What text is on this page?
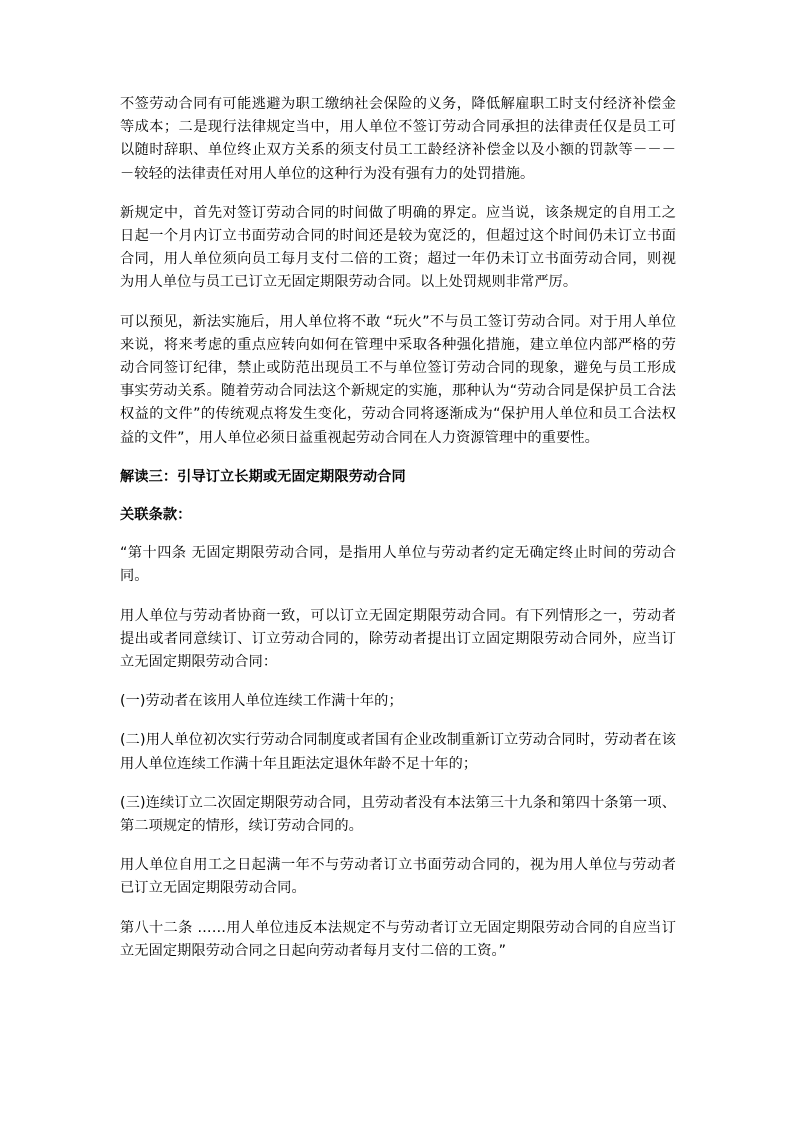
不签劳动合同有可能逃避为职工缴纳社会保险的义务，降低解雇职工时支付经济补偿金等成本；二是现行法律规定当中，用人单位不签订劳动合同承担的法律责任仅是员工可以随时辞职、单位终止双方关系的须支付员工工龄经济补偿金以及小额的罚款等－－－－较轻的法律责任对用人单位的这种行为没有强有力的处罚措施。

新规定中，首先对签订劳动合同的时间做了明确的界定。应当说，该条规定的自用工之日起一个月内订立书面劳动合同的时间还是较为宽泛的，但超过这个时间仍未订立书面合同，用人单位须向员工每月支付二倍的工资；超过一年仍未订立书面劳动合同，则视为用人单位与员工已订立无固定期限劳动合同。以上处罚规则非常严厉。

可以预见，新法实施后，用人单位将不敢 “玩火”不与员工签订劳动合同。对于用人单位来说，将来考虑的重点应转向如何在管理中采取各种强化措施，建立单位内部严格的劳动合同签订纪律，禁止或防范出现员工不与单位签订劳动合同的现象，避免与员工形成事实劳动关系。随着劳动合同法这个新规定的实施，那种认为“劳动合同是保护员工合法权益的文件”的传统观点将发生变化，劳动合同将逐渐成为“保护用人单位和员工合法权益的文件”，用人单位必须日益重视起劳动合同在人力资源管理中的重要性。

解读三：引导订立长期或无固定期限劳动合同

关联条款：

“第十四条 无固定期限劳动合同，是指用人单位与劳动者约定无确定终止时间的劳动合同。

用人单位与劳动者协商一致，可以订立无固定期限劳动合同。有下列情形之一，劳动者提出或者同意续订、订立劳动合同的，除劳动者提出订立固定期限劳动合同外，应当订立无固定期限劳动合同：

(一)劳动者在该用人单位连续工作满十年的；

(二)用人单位初次实行劳动合同制度或者国有企业改制重新订立劳动合同时，劳动者在该用人单位连续工作满十年且距法定退休年龄不足十年的；

(三)连续订立二次固定期限劳动合同，且劳动者没有本法第三十九条和第四十条第一项、第二项规定的情形，续订劳动合同的。

用人单位自用工之日起满一年不与劳动者订立书面劳动合同的，视为用人单位与劳动者已订立无固定期限劳动合同。

第八十二条 ……用人单位违反本法规定不与劳动者订立无固定期限劳动合同的自应当订立无固定期限劳动合同之日起向劳动者每月支付二倍的工资。”
